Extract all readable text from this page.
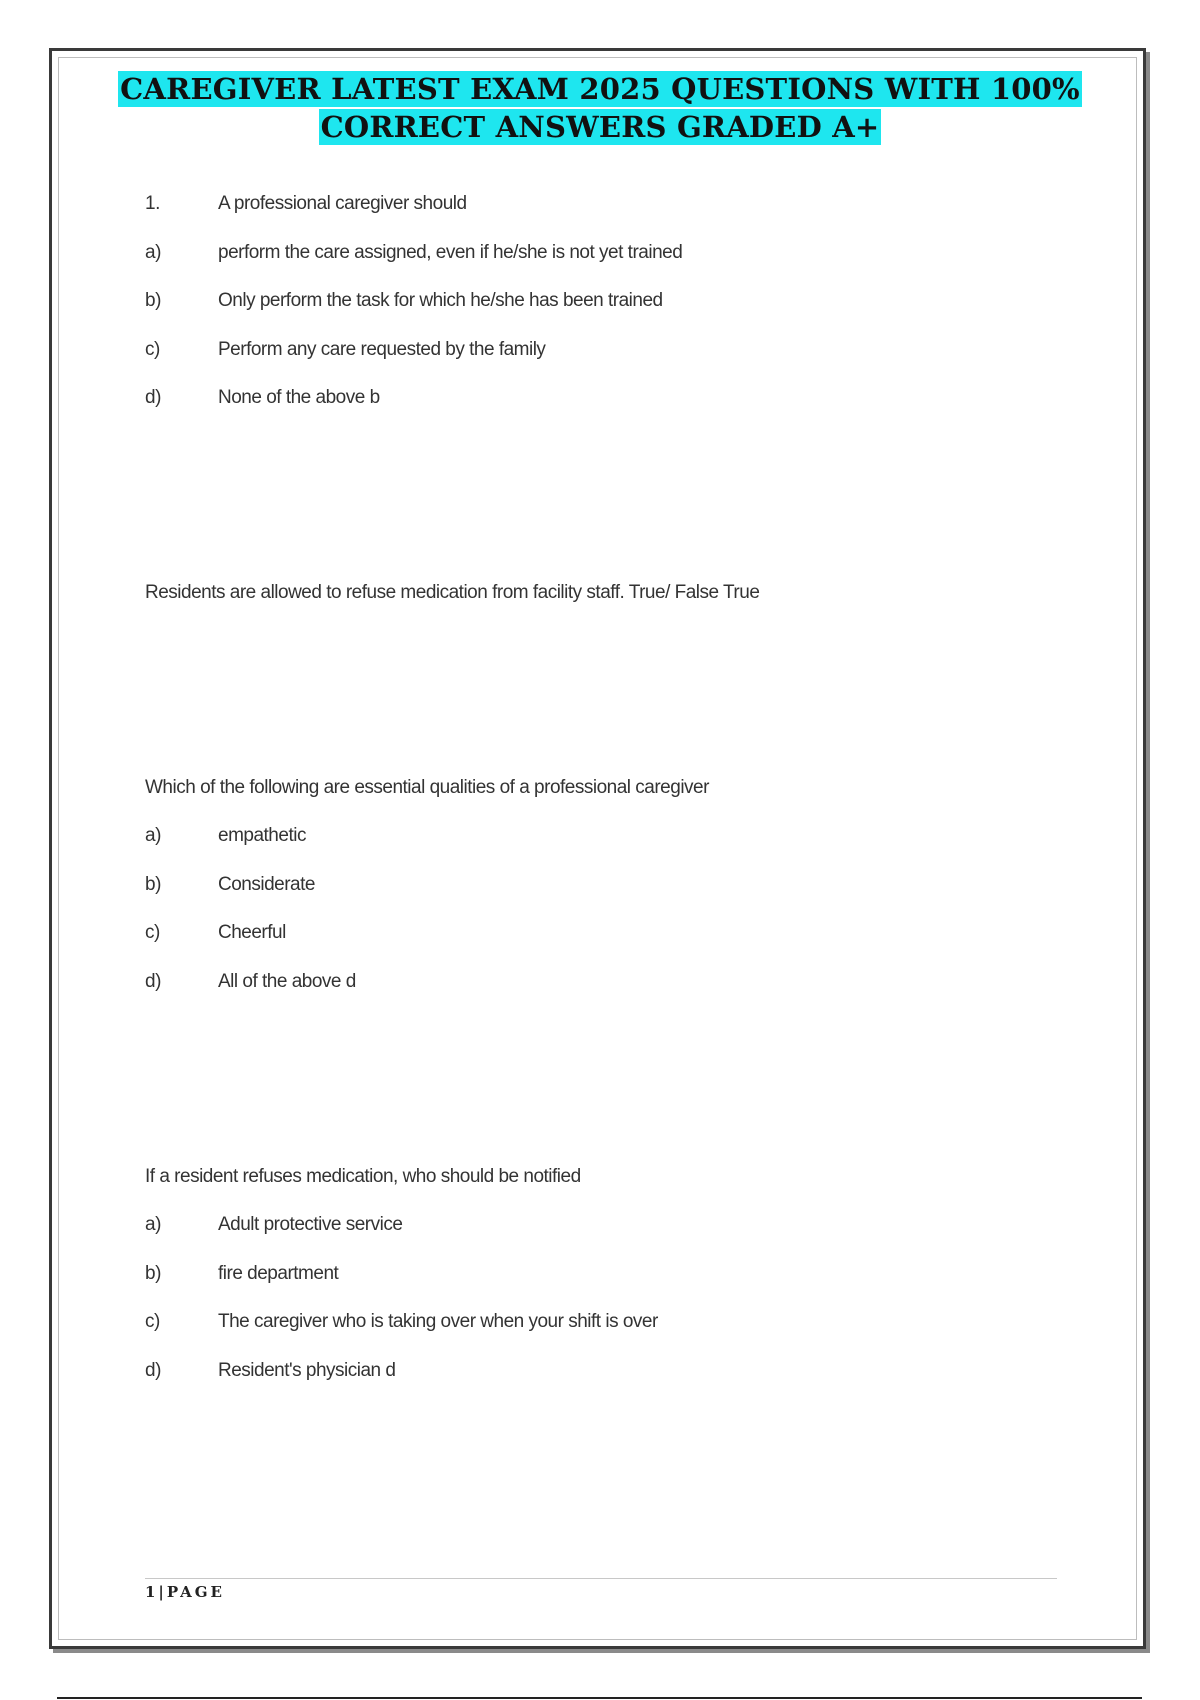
CAREGIVER LATEST EXAM 2025 QUESTIONS WITH 100%
CORRECT ANSWERS GRADED A+
1.	A professional caregiver should
a)	perform the care assigned, even if he/she is not yet trained
b)	Only perform the task for which he/she has been trained
c)	Perform any care requested by the family
d)	None of the above b
Residents are allowed to refuse medication from facility staff. True/ False True
Which of the following are essential qualities of a professional caregiver
a)	empathetic
b)	Considerate
c)	Cheerful
d)	All of the above d
If a resident refuses medication, who should be notified
a)	Adult protective service
b)	fire department
c)	The caregiver who is taking over when your shift is over
d)	Resident's physician d
1|PAGE
